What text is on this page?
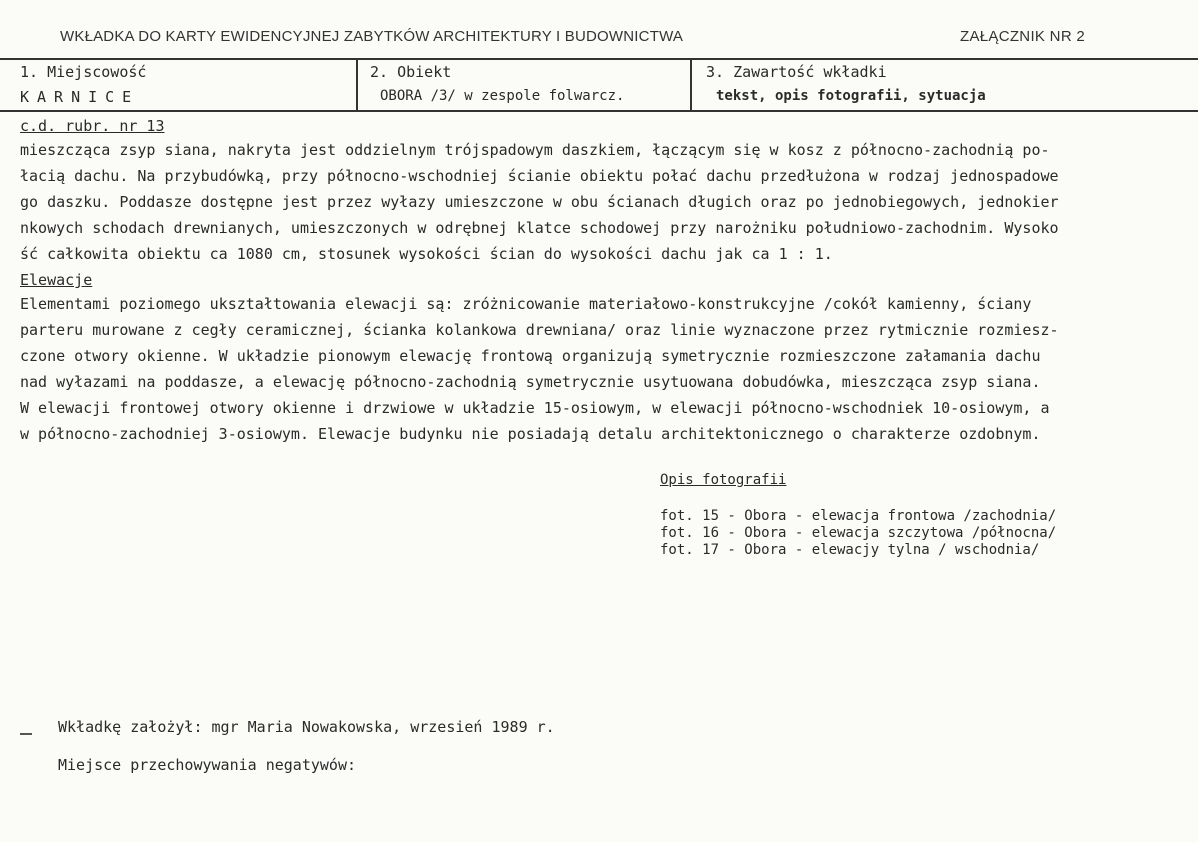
WKŁADKA DO KARTY EWIDENCYJNEJ ZABYTKÓW ARCHITEKTURY I BUDOWNICTWA	ZAŁĄCZNIK NR 2
1. Miejscowość
KARNICE
2. Obiekt
OBORA /3/ w zespole folwarcz.
3. Zawartość wkładki
tekst, opis fotografii, sytuacja
c.d. rubr. nr 13
mieszcząca zsyp siana, nakryta jest oddzielnym trójspadowym daszkiem, łączącym się w kosz z północno-zachodnią po-
łacią dachu. Na przybudówką, przy północno-wschodniej ścianie obiektu połać dachu przedłużona w rodzaj jednospadowe
go daszku. Poddasze dostępne jest przez wyłazy umieszczone w obu ścianach długich oraz po jednobiegowych, jednokier
nkowych schodach drewnianych, umieszczonych w odrębnej klatce schodowej przy narożniku południowo-zachodnim. Wysoko
ść całkowita obiektu ca 1080 cm, stosunek wysokości ścian do wysokości dachu jak ca 1 : 1.
Elewacje
Elementami poziomego ukształtowania elewacji są: zróżnicowanie materiałowo-konstrukcyjne /cokół kamienny, ściany
parteru murowane z cegły ceramicznej, ścianka kolankowa drewniana/ oraz linie wyznaczone przez rytmicznie rozmiesz-
czone otwory okienne. W układzie pionowym elewację frontową organizują symetrycznie rozmieszczone załamania dachu
nad wyłazami na poddasze, a elewację północno-zachodnią symetrycznie usytuowana dobudówka, mieszcząca zsyp siana.
W elewacji frontowej otwory okienne i drzwiowe w układzie 15-osiowym, w elewacji północno-wschodniek 10-osiowym, a
w północno-zachodniej 3-osiowym. Elewacje budynku nie posiadają detalu architektonicznego o charakterze ozdobnym.
Opis fotografii
fot. 15 - Obora - elewacja frontowa /zachodnia/
fot. 16 - Obora - elewacja szczytowa /północna/
fot. 17 - Obora - elewacjy tylna / wschodnia/
Wkładkę założył: mgr Maria Nowakowska, wrzesień 1989 r.
Miejsce przechowywania negatywów:
